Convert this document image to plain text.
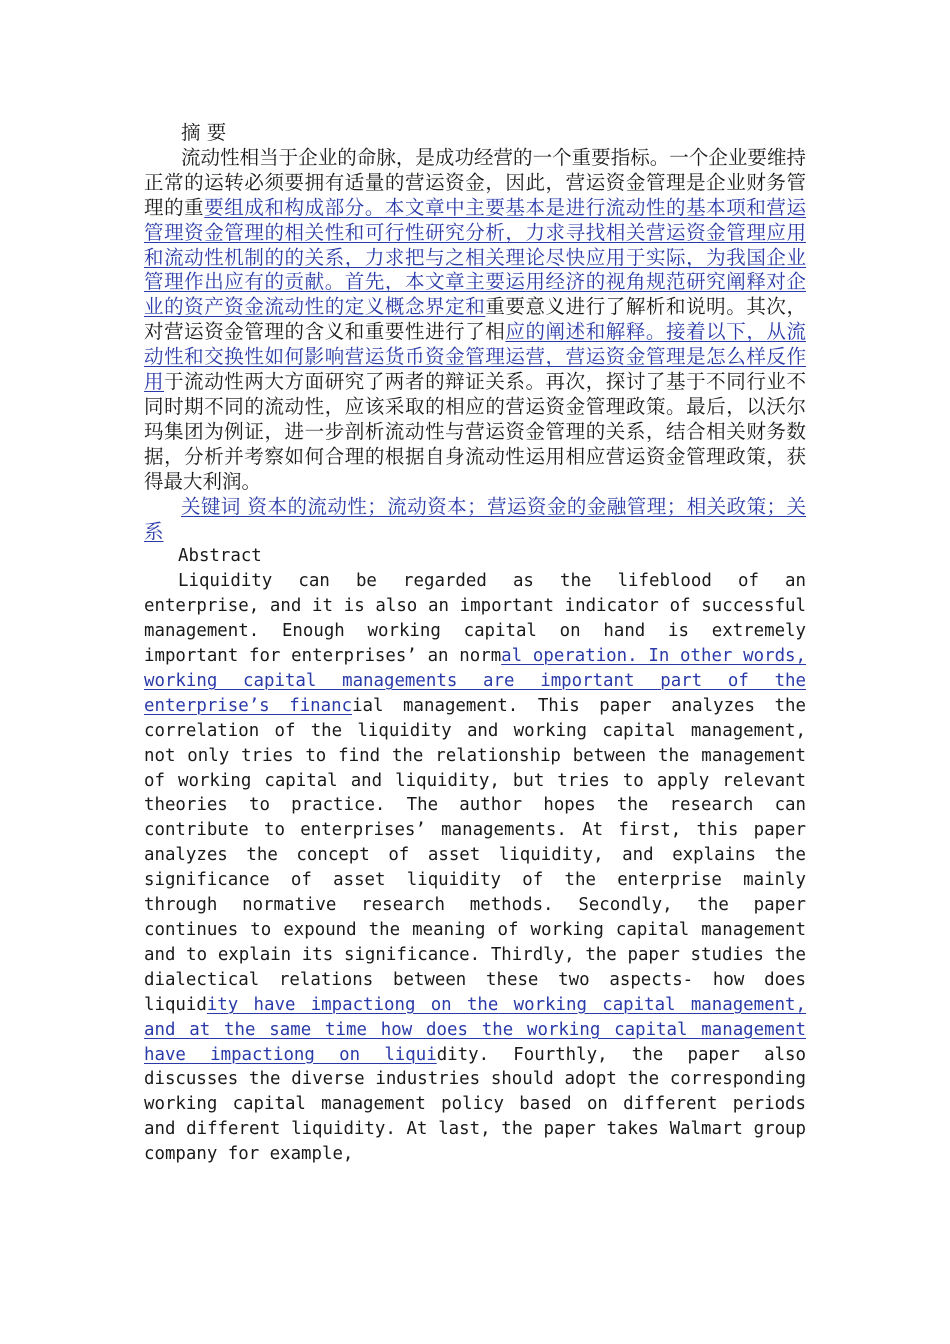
摘 要

流动性相当于企业的命脉，是成功经营的一个重要指标。一个企业要维持正常的运转必须要拥有适量的营运资金，因此，营运资金管理是企业财务管理的重要组成和构成部分。本文章中主要基本是进行流动性的基本项和营运管理资金管理的相关性和可行性研究分析，力求寻找相关营运资金管理应用和流动性机制的的关系，力求把与之相关理论尽快应用于实际，为我国企业管理作出应有的贡献。首先，本文章主要运用经济的视角规范研究阐释对企业的资产资金流动性的定义概念界定和重要意义进行了解析和说明。其次，对营运资金管理的含义和重要性进行了相应的阐述和解释。接着以下，从流动性和交换性如何影响营运货币资金管理运营，营运资金管理是怎么样反作用于流动性两大方面研究了两者的辩证关系。再次，探讨了基于不同行业不同时期不同的流动性，应该采取的相应的营运资金管理政策。最后，以沃尔玛集团为例证，进一步剖析流动性与营运资金管理的关系，结合相关财务数据，分析并考察如何合理的根据自身流动性运用相应营运资金管理政策，获得最大利润。

关键词 资本的流动性；流动资本；营运资金的金融管理；相关政策；关系

Abstract

Liquidity can be regarded as the lifeblood of an enterprise, and it is also an important indicator of successful management. Enough working capital on hand is extremely important for enterprises’ an normal operation. In other words, working capital managements are important part of the enterprise’s financial management. This paper analyzes the correlation of the liquidity and working capital management, not only tries to find the relationship between the management of working capital and liquidity, but tries to apply relevant theories to practice. The author hopes the research can contribute to enterprises’ managements. At first, this paper analyzes the concept of asset liquidity, and explains the significance of asset liquidity of the enterprise mainly through normative research methods. Secondly, the paper continues to expound the meaning of working capital management and to explain its significance. Thirdly, the paper studies the dialectical relations between these two aspects- how does liquidity have impactiong on the working capital management, and at the same time how does the working capital management have impactiong on liquidity. Fourthly, the paper also discusses the diverse industries should adopt the corresponding working capital management policy based on different periods and different liquidity. At last, the paper takes Walmart group company for example,
